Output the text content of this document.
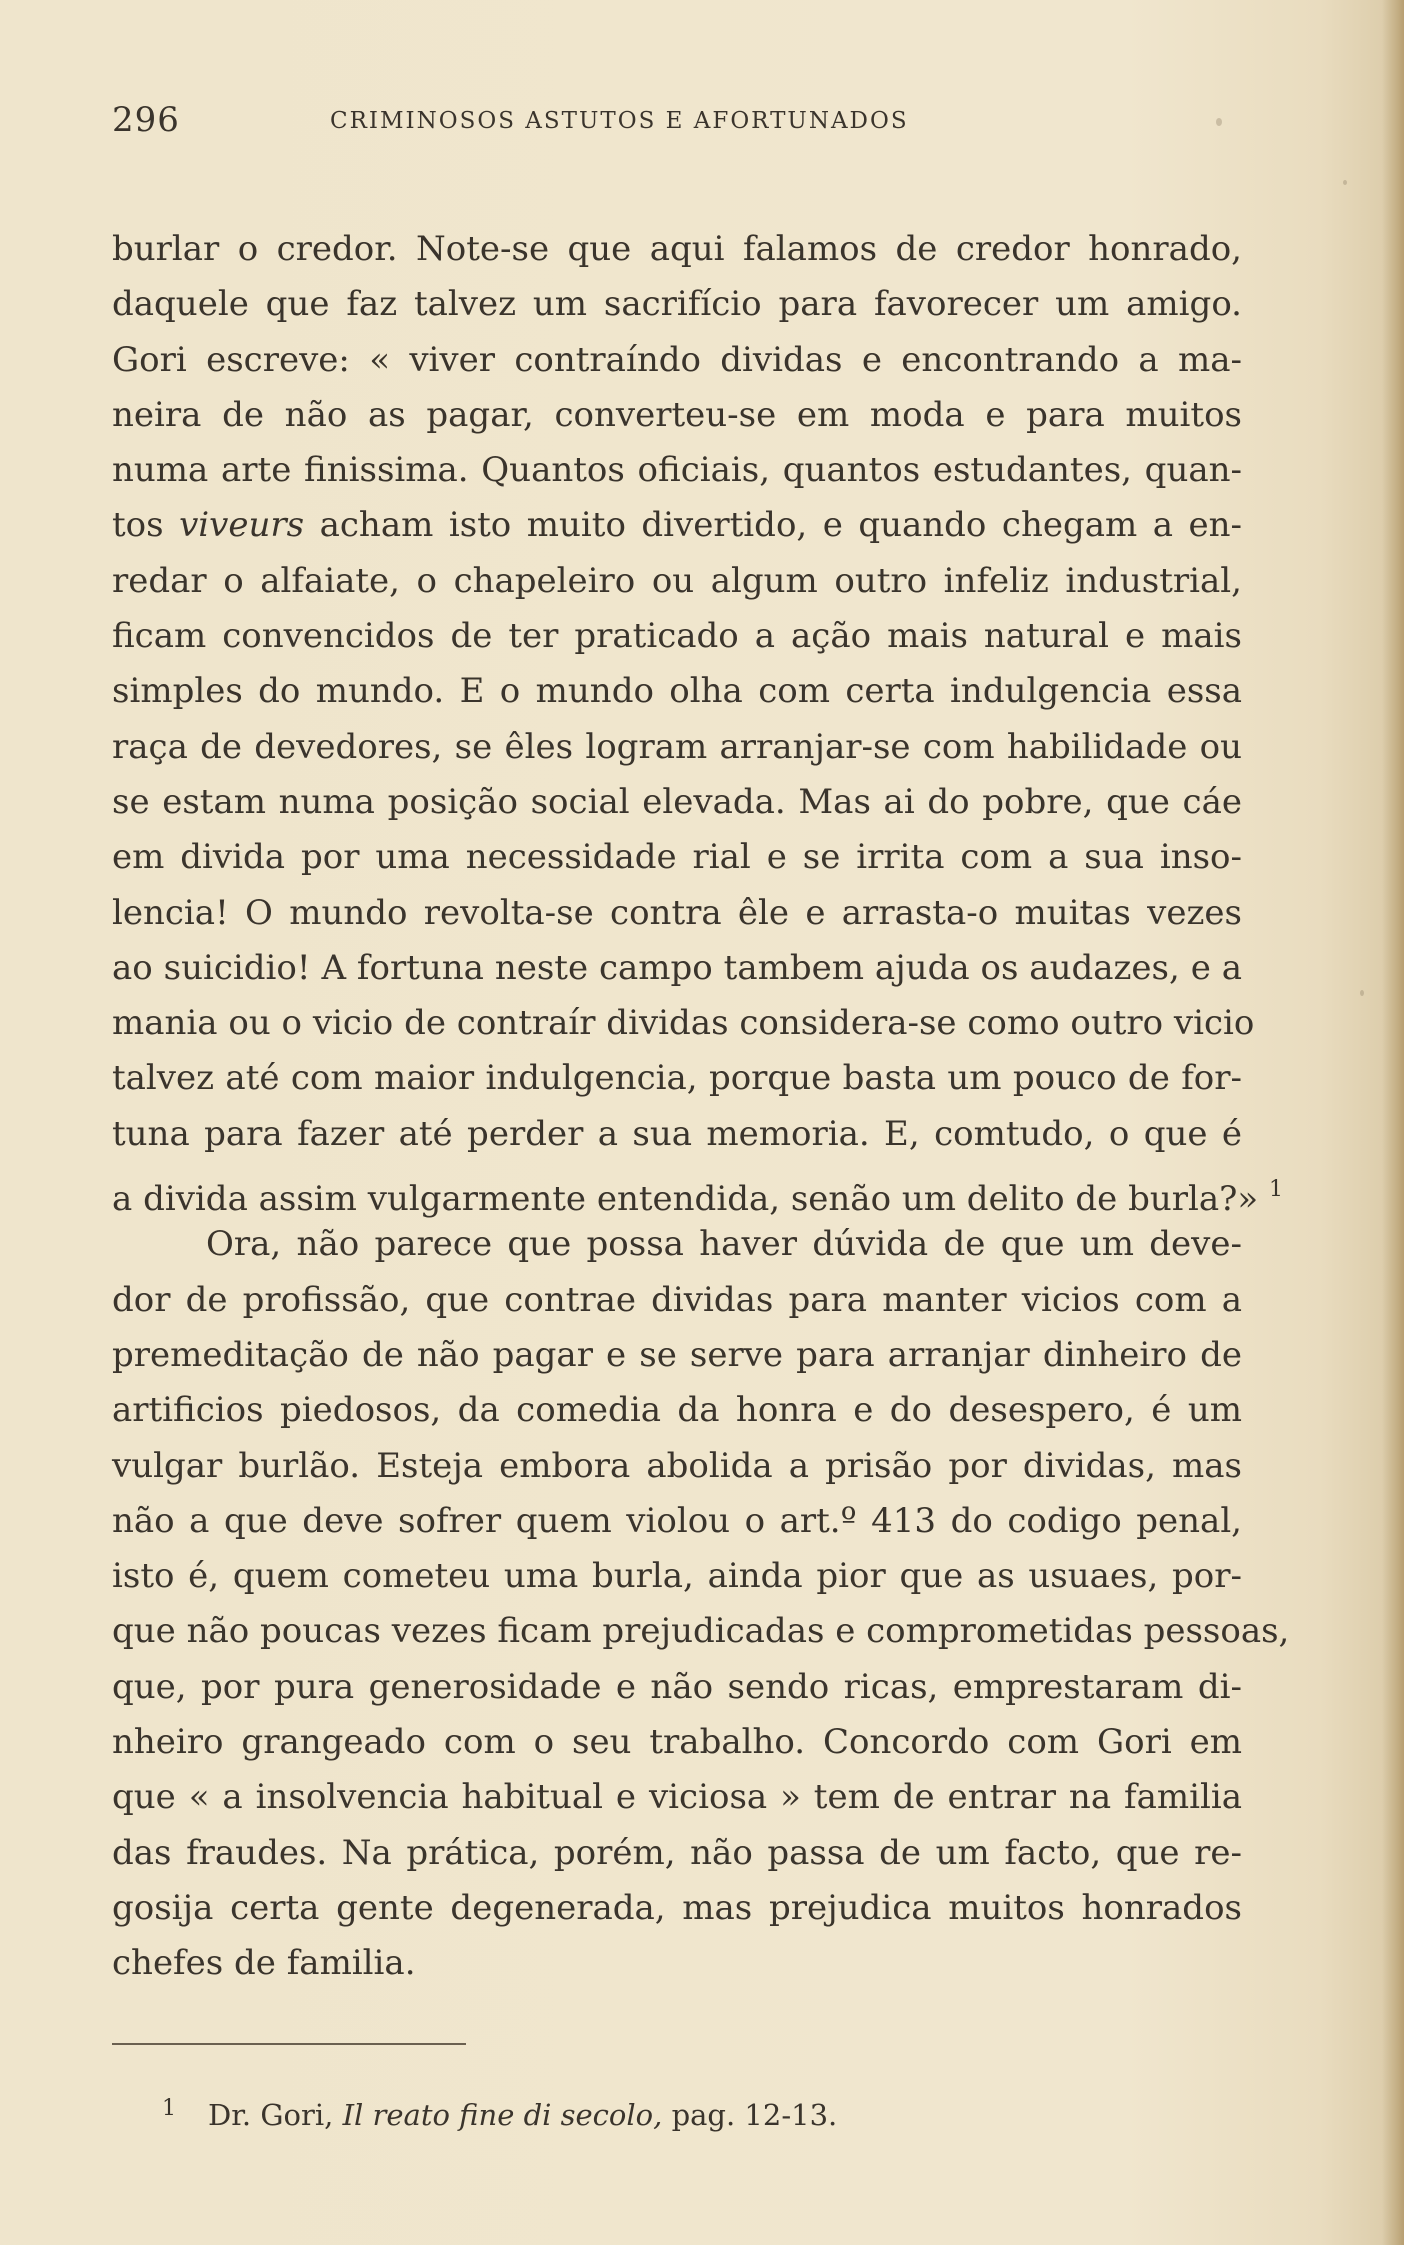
296	CRIMINOSOS ASTUTOS E AFORTUNADOS
burlar o credor. Note-se que aqui falamos de credor honrado,
daquele que faz talvez um sacrifício para favorecer um amigo.
Gori escreve: « viver contraíndo dividas e encontrando a ma-
neira de não as pagar, converteu-se em moda e para muitos
numa arte finissima. Quantos oficiais, quantos estudantes, quan-
tos viveurs acham isto muito divertido, e quando chegam a en-
redar o alfaiate, o chapeleiro ou algum outro infeliz industrial,
ficam convencidos de ter praticado a ação mais natural e mais
simples do mundo. E o mundo olha com certa indulgencia essa
raça de devedores, se êles logram arranjar-se com habilidade ou
se estam numa posição social elevada. Mas ai do pobre, que cáe
em divida por uma necessidade rial e se irrita com a sua inso-
lencia! O mundo revolta-se contra êle e arrasta-o muitas vezes
ao suicidio! A fortuna neste campo tambem ajuda os audazes, e a
mania ou o vicio de contraír dividas considera-se como outro vicio
talvez até com maior indulgencia, porque basta um pouco de for-
tuna para fazer até perder a sua memoria. E, comtudo, o que é
a divida assim vulgarmente entendida, senão um delito de burla?» $^1$
Ora, não parece que possa haver dúvida de que um deve-
dor de profissão, que contrae dividas para manter vicios com a
premeditação de não pagar e se serve para arranjar dinheiro de
artificios piedosos, da comedia da honra e do desespero, é um
vulgar burlão. Esteja embora abolida a prisão por dividas, mas
não a que deve sofrer quem violou o art.º 413 do codigo penal,
isto é, quem cometeu uma burla, ainda pior que as usuaes, por-
que não poucas vezes ficam prejudicadas e comprometidas pessoas,
que, por pura generosidade e não sendo ricas, emprestaram di-
nheiro grangeado com o seu trabalho. Concordo com Gori em
que « a insolvencia habitual e viciosa » tem de entrar na familia
das fraudes. Na prática, porém, não passa de um facto, que re-
gosija certa gente degenerada, mas prejudica muitos honrados
chefes de familia.
1 Dr. Gori, Il reato fine di secolo, pag. 12-13.
